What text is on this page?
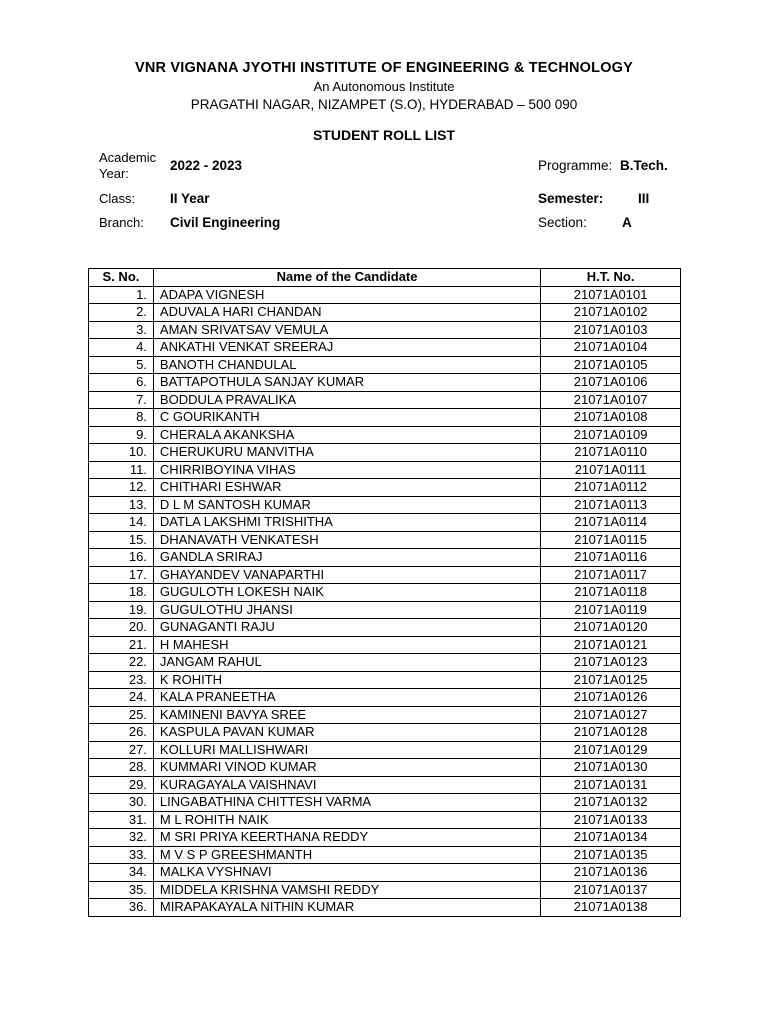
VNR VIGNANA JYOTHI INSTITUTE OF ENGINEERING & TECHNOLOGY
An Autonomous Institute
PRAGATHI NAGAR, NIZAMPET (S.O), HYDERABAD – 500 090
STUDENT ROLL LIST
Academic
Year:
2022 - 2023	Programme: B.Tech.
Class:	II Year	Semester:	III
Branch: Civil Engineering	Section:	A
S. No.	Name of the Candidate	H.T. No.
1.	ADAPA VIGNESH	21071A0101
2.	ADUVALA HARI CHANDAN	21071A0102
3.	AMAN SRIVATSAV VEMULA	21071A0103
4.	ANKATHI VENKAT SREERAJ	21071A0104
5.	BANOTH CHANDULAL	21071A0105
6.	BATTAPOTHULA SANJAY KUMAR	21071A0106
7.	BODDULA PRAVALIKA	21071A0107
8.	C GOURIKANTH	21071A0108
9.	CHERALA AKANKSHA	21071A0109
10.	CHERUKURU MANVITHA	21071A0110
11.	CHIRRIBOYINA VIHAS	21071A0111
12.	CHITHARI ESHWAR	21071A0112
13.	D L M SANTOSH KUMAR	21071A0113
14.	DATLA LAKSHMI TRISHITHA	21071A0114
15.	DHANAVATH VENKATESH	21071A0115
16.	GANDLA SRIRAJ	21071A0116
17.	GHAYANDEV VANAPARTHI	21071A0117
18.	GUGULOTH LOKESH NAIK	21071A0118
19.	GUGULOTHU JHANSI	21071A0119
20.	GUNAGANTI RAJU	21071A0120
21.	H MAHESH	21071A0121
22.	JANGAM RAHUL	21071A0123
23.	K ROHITH	21071A0125
24.	KALA PRANEETHA	21071A0126
25.	KAMINENI BAVYA SREE	21071A0127
26.	KASPULA PAVAN KUMAR	21071A0128
27.	KOLLURI MALLISHWARI	21071A0129
28.	KUMMARI VINOD KUMAR	21071A0130
29.	KURAGAYALA VAISHNAVI	21071A0131
30.	LINGABATHINA CHITTESH VARMA	21071A0132
31.	M L ROHITH NAIK	21071A0133
32.	M SRI PRIYA KEERTHANA REDDY	21071A0134
33.	M V S P GREESHMANTH	21071A0135
34.	MALKA VYSHNAVI	21071A0136
35.	MIDDELA KRISHNA VAMSHI REDDY	21071A0137
36.	MIRAPAKAYALA NITHIN KUMAR	21071A0138
